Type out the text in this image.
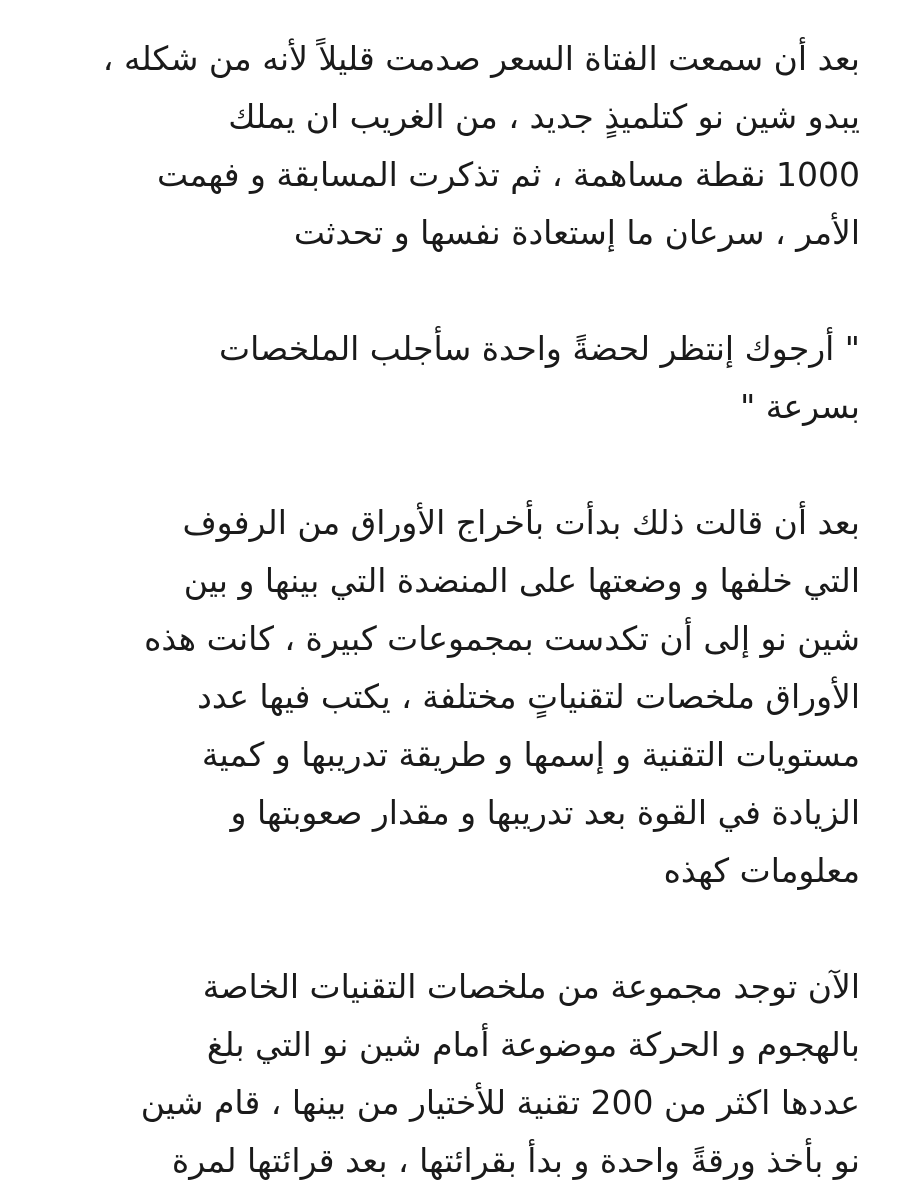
بعد أن سمعت الفتاة السعر صدمت قليلاً لأنه من شكله ،
يبدو شين نو كتلميذٍ جديد ، من الغريب ان يملك
1000 نقطة مساهمة ، ثم تذكرت المسابقة و فهمت
الأمر ، سرعان ما إستعادة نفسها و تحدثت
" أرجوك إنتظر لحضةً واحدة سأجلب الملخصات
بسرعة "
بعد أن قالت ذلك بدأت بأخراج الأوراق من الرفوف
التي خلفها و وضعتها على المنضدة التي بينها و بين
شين نو إلى أن تكدست بمجموعات كبيرة ، كانت هذه
الأوراق ملخصات لتقنياتٍ مختلفة ، يكتب فيها عدد
مستويات التقنية و إسمها و طريقة تدريبها و كمية
الزيادة في القوة بعد تدريبها و مقدار صعوبتها و
معلومات كهذه
الآن توجد مجموعة من ملخصات التقنيات الخاصة
بالهجوم و الحركة موضوعة أمام شين نو التي بلغ
عددها اكثر من 200 تقنية للأختيار من بينها ، قام شين
نو بأخذ ورقةً واحدة و بدأ بقرائتها ، بعد قرائتها لمرة
